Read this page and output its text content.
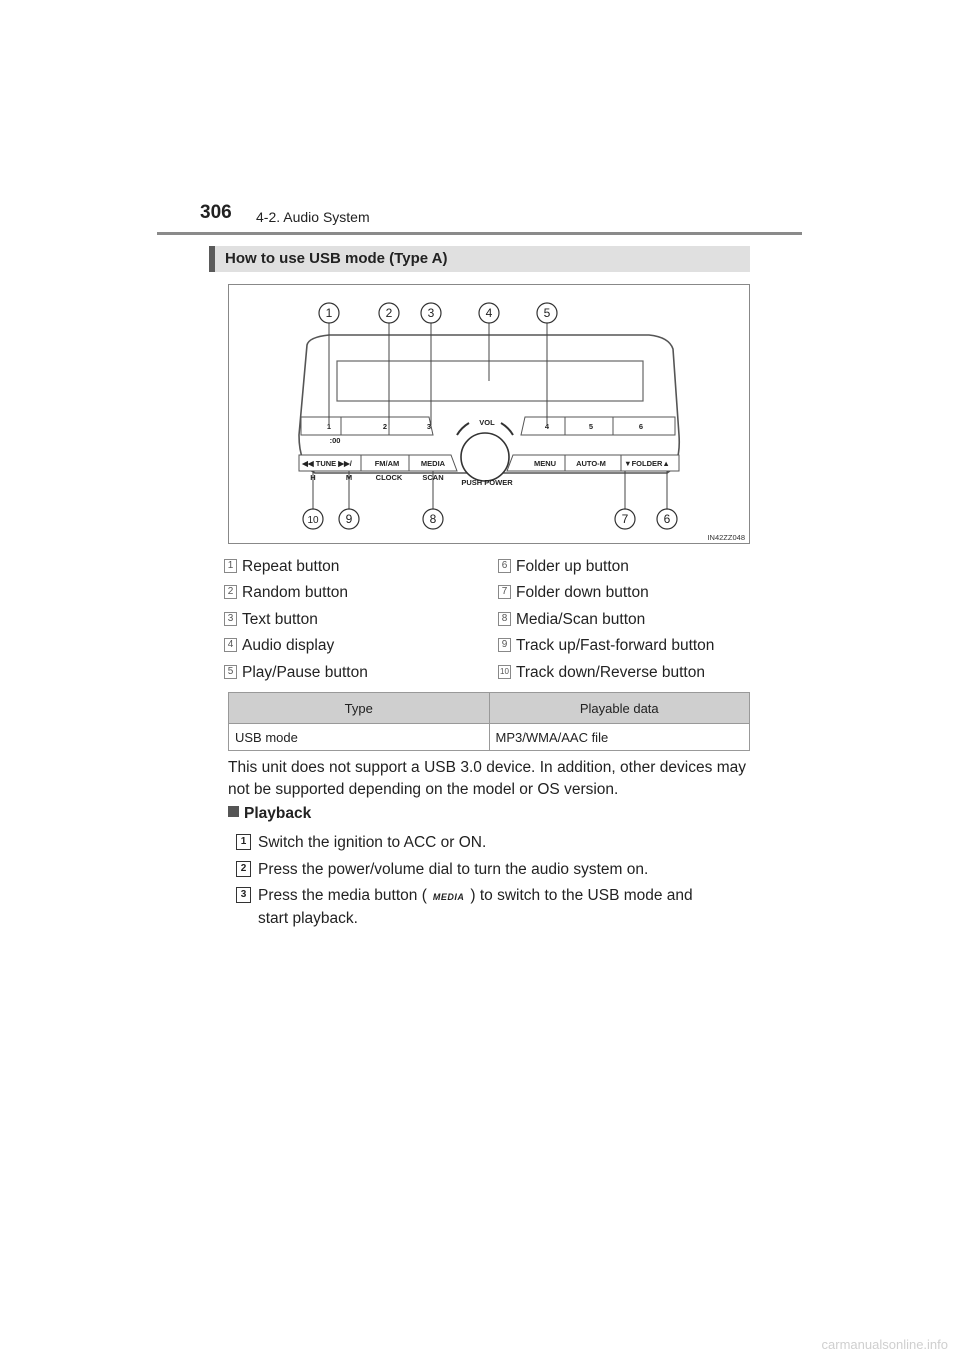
306 4-2. Audio System
How to use USB mode (Type A)
1	2	3	4	5	6
:00
VOL
PUSH POWER
◀◀ TUNE ▶▶/	FM/AM	MEDIA	MENU	AUTO-M ▼FOLDER▲
H	M	CLOCK	SCAN
1	2	3	4	5
6
7
8
9
10
IN42ZZ048
1 Repeat button
2 Random button
3 Text button
4 Audio display
5 Play/Pause button
6 Folder up button
7 Folder down button
8 Media/Scan button
9 Track up/Fast-forward button
10 Track down/Reverse button
Type	Playable data
USB mode	MP3/WMA/AAC file
This unit does not support a USB 3.0 device. In addition, other devices may not be supported depending on the model or OS version.
Playback
1 Switch the ignition to ACC or ON.
2 Press the power/volume dial to turn the audio system on.
3 Press the media button ( MEDIA ) to switch to the USB mode and
start playback.
carmanualsonline.info
